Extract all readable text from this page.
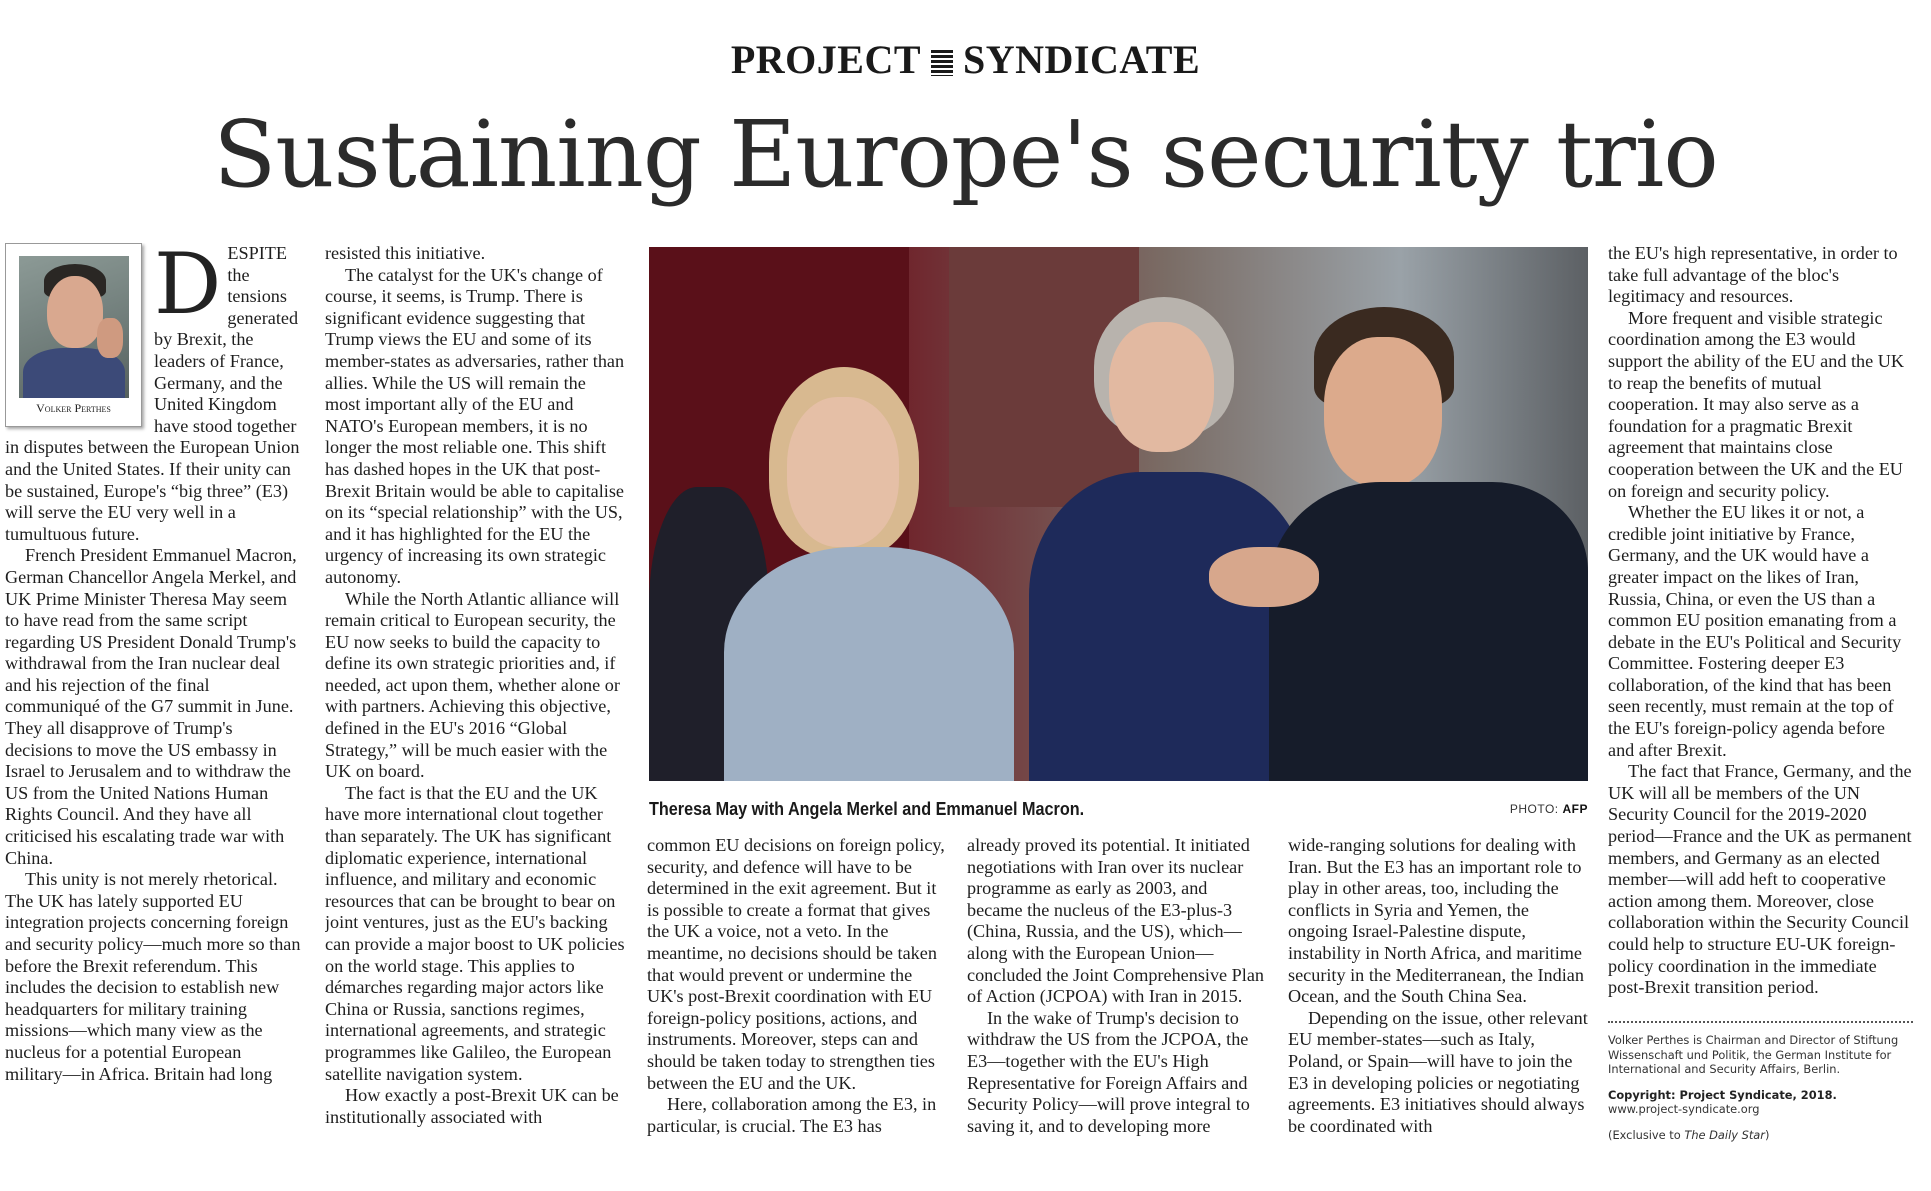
PROJECT SYNDICATE
Sustaining Europe's security trio
Volker Perthes

DESPITE the tensions generated by Brexit, the leaders of France, Germany, and the United Kingdom have stood together in disputes between the European Union and the United States. If their unity can be sustained, Europe's “big three” (E3) will serve the EU very well in a tumultuous future.

French President Emmanuel Macron, German Chancellor Angela Merkel, and UK Prime Minister Theresa May seem to have read from the same script regarding US President Donald Trump's withdrawal from the Iran nuclear deal and his rejection of the final communiqué of the G7 summit in June. They all disapprove of Trump's decisions to move the US embassy in Israel to Jerusalem and to withdraw the US from the United Nations Human Rights Council. And they have all criticised his escalating trade war with China.

This unity is not merely rhetorical. The UK has lately supported EU integration projects concerning foreign and security policy—much more so than before the Brexit referendum. This includes the decision to establish new headquarters for military training missions—which many view as the nucleus for a potential European military—in Africa. Britain had long

resisted this initiative.

The catalyst for the UK's change of course, it seems, is Trump. There is significant evidence suggesting that Trump views the EU and some of its member-states as adversaries, rather than allies. While the US will remain the most important ally of the EU and NATO's European members, it is no longer the most reliable one. This shift has dashed hopes in the UK that post-Brexit Britain would be able to capitalise on its “special relationship” with the US, and it has highlighted for the EU the urgency of increasing its own strategic autonomy.

While the North Atlantic alliance will remain critical to European security, the EU now seeks to build the capacity to define its own strategic priorities and, if needed, act upon them, whether alone or with partners. Achieving this objective, defined in the EU's 2016 “Global Strategy,” will be much easier with the UK on board.

The fact is that the EU and the UK have more international clout together than separately. The UK has significant diplomatic experience, international influence, and military and economic resources that can be brought to bear on joint ventures, just as the EU's backing can provide a major boost to UK policies on the world stage. This applies to démarches regarding major actors like China or Russia, sanctions regimes, international agreements, and strategic programmes like Galileo, the European satellite navigation system.

How exactly a post-Brexit UK can be institutionally associated with

Theresa May with Angela Merkel and Emmanuel Macron.	PHOTO: AFP

common EU decisions on foreign policy, security, and defence will have to be determined in the exit agreement. But it is possible to create a format that gives the UK a voice, not a veto. In the meantime, no decisions should be taken that would prevent or undermine the UK's post-Brexit coordination with EU foreign-policy positions, actions, and instruments. Moreover, steps can and should be taken today to strengthen ties between the EU and the UK.

Here, collaboration among the E3, in particular, is crucial. The E3 has

already proved its potential. It initiated negotiations with Iran over its nuclear programme as early as 2003, and became the nucleus of the E3-plus-3 (China, Russia, and the US), which—along with the European Union—concluded the Joint Comprehensive Plan of Action (JCPOA) with Iran in 2015.

In the wake of Trump's decision to withdraw the US from the JCPOA, the E3—together with the EU's High Representative for Foreign Affairs and Security Policy—will prove integral to saving it, and to developing more

wide-ranging solutions for dealing with Iran. But the E3 has an important role to play in other areas, too, including the conflicts in Syria and Yemen, the ongoing Israel-Palestine dispute, instability in North Africa, and maritime security in the Mediterranean, the Indian Ocean, and the South China Sea.

Depending on the issue, other relevant EU member-states—such as Italy, Poland, or Spain—will have to join the E3 in developing policies or negotiating agreements. E3 initiatives should always be coordinated with

the EU's high representative, in order to take full advantage of the bloc's legitimacy and resources.

More frequent and visible strategic coordination among the E3 would support the ability of the EU and the UK to reap the benefits of mutual cooperation. It may also serve as a foundation for a pragmatic Brexit agreement that maintains close cooperation between the UK and the EU on foreign and security policy.

Whether the EU likes it or not, a credible joint initiative by France, Germany, and the UK would have a greater impact on the likes of Iran, Russia, China, or even the US than a common EU position emanating from a debate in the EU's Political and Security Committee. Fostering deeper E3 collaboration, of the kind that has been seen recently, must remain at the top of the EU's foreign-policy agenda before and after Brexit.

The fact that France, Germany, and the UK will all be members of the UN Security Council for the 2019-2020 period—France and the UK as permanent members, and Germany as an elected member—will add heft to cooperative action among them. Moreover, close collaboration within the Security Council could help to structure EU-UK foreign-policy coordination in the immediate post-Brexit transition period.

Volker Perthes is Chairman and Director of Stiftung Wissenschaft und Politik, the German Institute for International and Security Affairs, Berlin.

Copyright: Project Syndicate, 2018.

www.project-syndicate.org

(Exclusive to The Daily Star)
